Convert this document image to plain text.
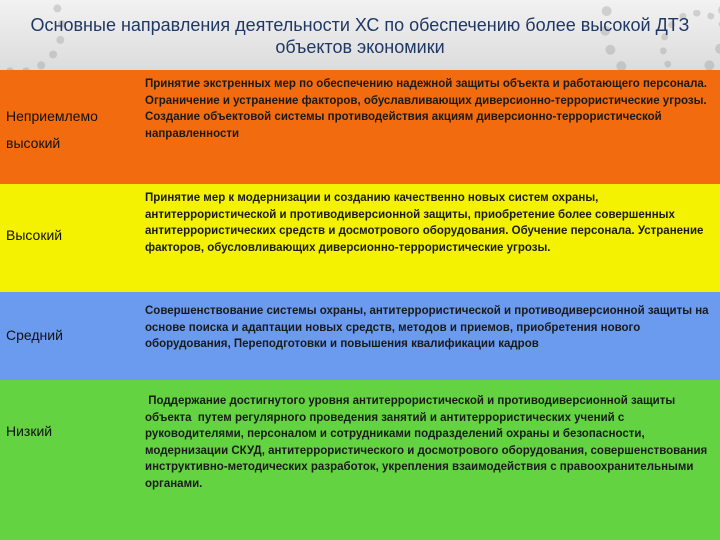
Основные направления деятельности ХС по обеспечению более высокой ДТЗ объектов экономики
Неприемлемо
высокий

Принятие экстренных мер по обеспечению надежной защиты объекта и работающего персонала. Ограничение и устранение факторов, обуславливающих диверсионно-террористические угрозы. Создание объектовой системы противодействия акциям диверсионно-террористической направленности

Высокий

Принятие мер к модернизации и созданию качественно новых систем охраны, антитеррористической и противодиверсионной защиты, приобретение более совершенных антитеррористических средств и досмотрового оборудования. Обучение персонала. Устранение факторов, обусловливающих диверсионно-террористические угрозы.

Средний

Совершенствование системы охраны, антитеррористической и противодиверсионной защиты на основе поиска и адаптации новых средств, методов и приемов, приобретения нового оборудования, Переподготовки и повышения квалификации кадров

Низкий

Поддержание достигнутого уровня антитеррористической и противодиверсионной защиты объекта  путем регулярного проведения занятий и антитеррористических учений с руководителями, персоналом и сотрудниками подразделений охраны и безопасности, модернизации СКУД, антитеррористического и досмотрового оборудования, совершенствования инструктивно-методических разработок, укрепления взаимодействия с правоохранительными органами.
